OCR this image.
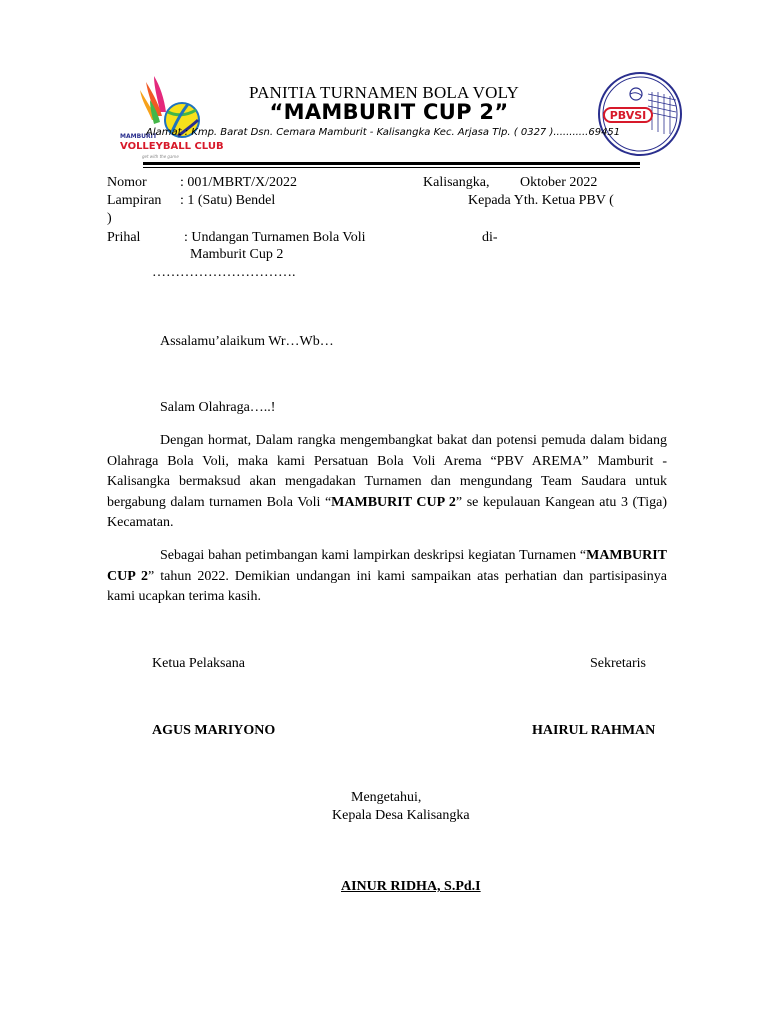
MAMBURIT
VOLLEYBALL CLUB
get with the game
PBVSI
PANITIA TURNAMEN BOLA VOLY
“MAMBURIT CUP 2”
Alamat : Kmp. Barat Dsn. Cemara Mamburit - Kalisangka Kec. Arjasa Tlp. ( 0327 )...........69451
Nomor : 001/MBRT/X/2022	Kalisangka, Oktober 2022
Lampiran : 1 (Satu) Bendel	Kepada Yth. Ketua PBV (
)
Prihal	: Undangan Turnamen Bola Voli	di-
Mamburit Cup 2
………………………….
Assalamu’alaikum Wr…Wb…
Salam Olahraga…..!
Dengan hormat, Dalam rangka mengembangkat bakat dan potensi pemuda dalam bidang Olahraga Bola Voli, maka kami Persatuan Bola Voli Arema “PBV AREMA” Mamburit - Kalisangka bermaksud akan mengadakan Turnamen dan mengundang Team Saudara untuk bergabung dalam turnamen Bola Voli “MAMBURIT CUP 2” se kepulauan Kangean atu 3 (Tiga) Kecamatan.
Sebagai bahan petimbangan kami lampirkan deskripsi kegiatan Turnamen “MAMBURIT CUP 2” tahun 2022. Demikian undangan ini kami sampaikan atas perhatian dan partisipasinya kami ucapkan terima kasih.
Ketua Pelaksana	Sekretaris
AGUS MARIYONO	HAIRUL RAHMAN
Mengetahui,
Kepala Desa Kalisangka
AINUR RIDHA, S.Pd.I
